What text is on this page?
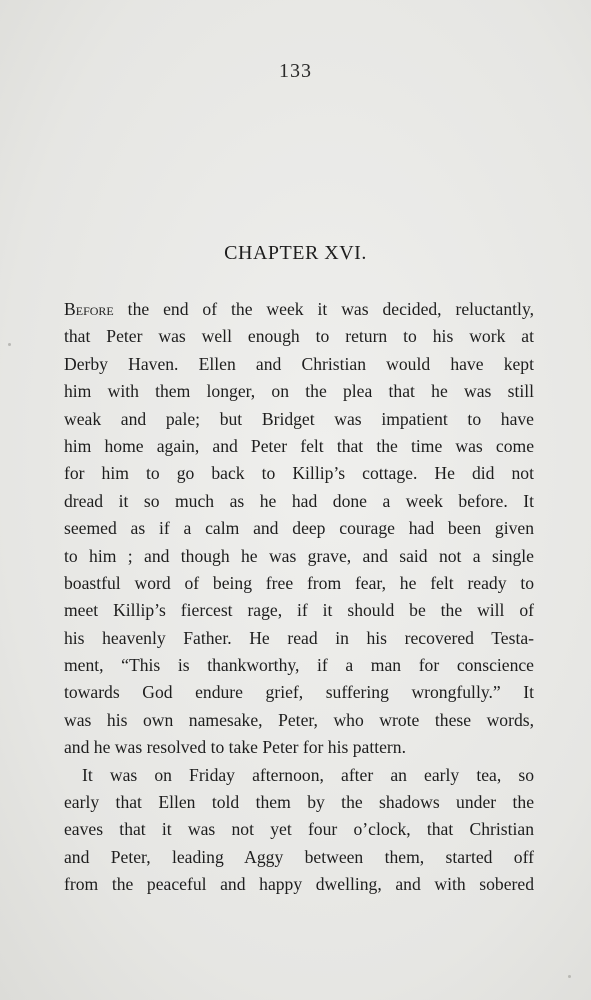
133
CHAPTER XVI.
Before the end of the week it was decided, reluctantly,
that Peter was well enough to return to his work at
Derby Haven. Ellen and Christian would have kept
him with them longer, on the plea that he was still
weak and pale; but Bridget was impatient to have
him home again, and Peter felt that the time was come
for him to go back to Killip’s cottage. He did not
dread it so much as he had done a week before. It
seemed as if a calm and deep courage had been given
to him ; and though he was grave, and said not a single
boastful word of being free from fear, he felt ready to
meet Killip’s fiercest rage, if it should be the will of
his heavenly Father. He read in his recovered Testa-
ment, “This is thankworthy, if a man for conscience
towards God endure grief, suffering wrongfully.” It
was his own namesake, Peter, who wrote these words,
and he was resolved to take Peter for his pattern.
It was on Friday afternoon, after an early tea, so
early that Ellen told them by the shadows under the
eaves that it was not yet four o’clock, that Christian
and Peter, leading Aggy between them, started off
from the peaceful and happy dwelling, and with sobered
